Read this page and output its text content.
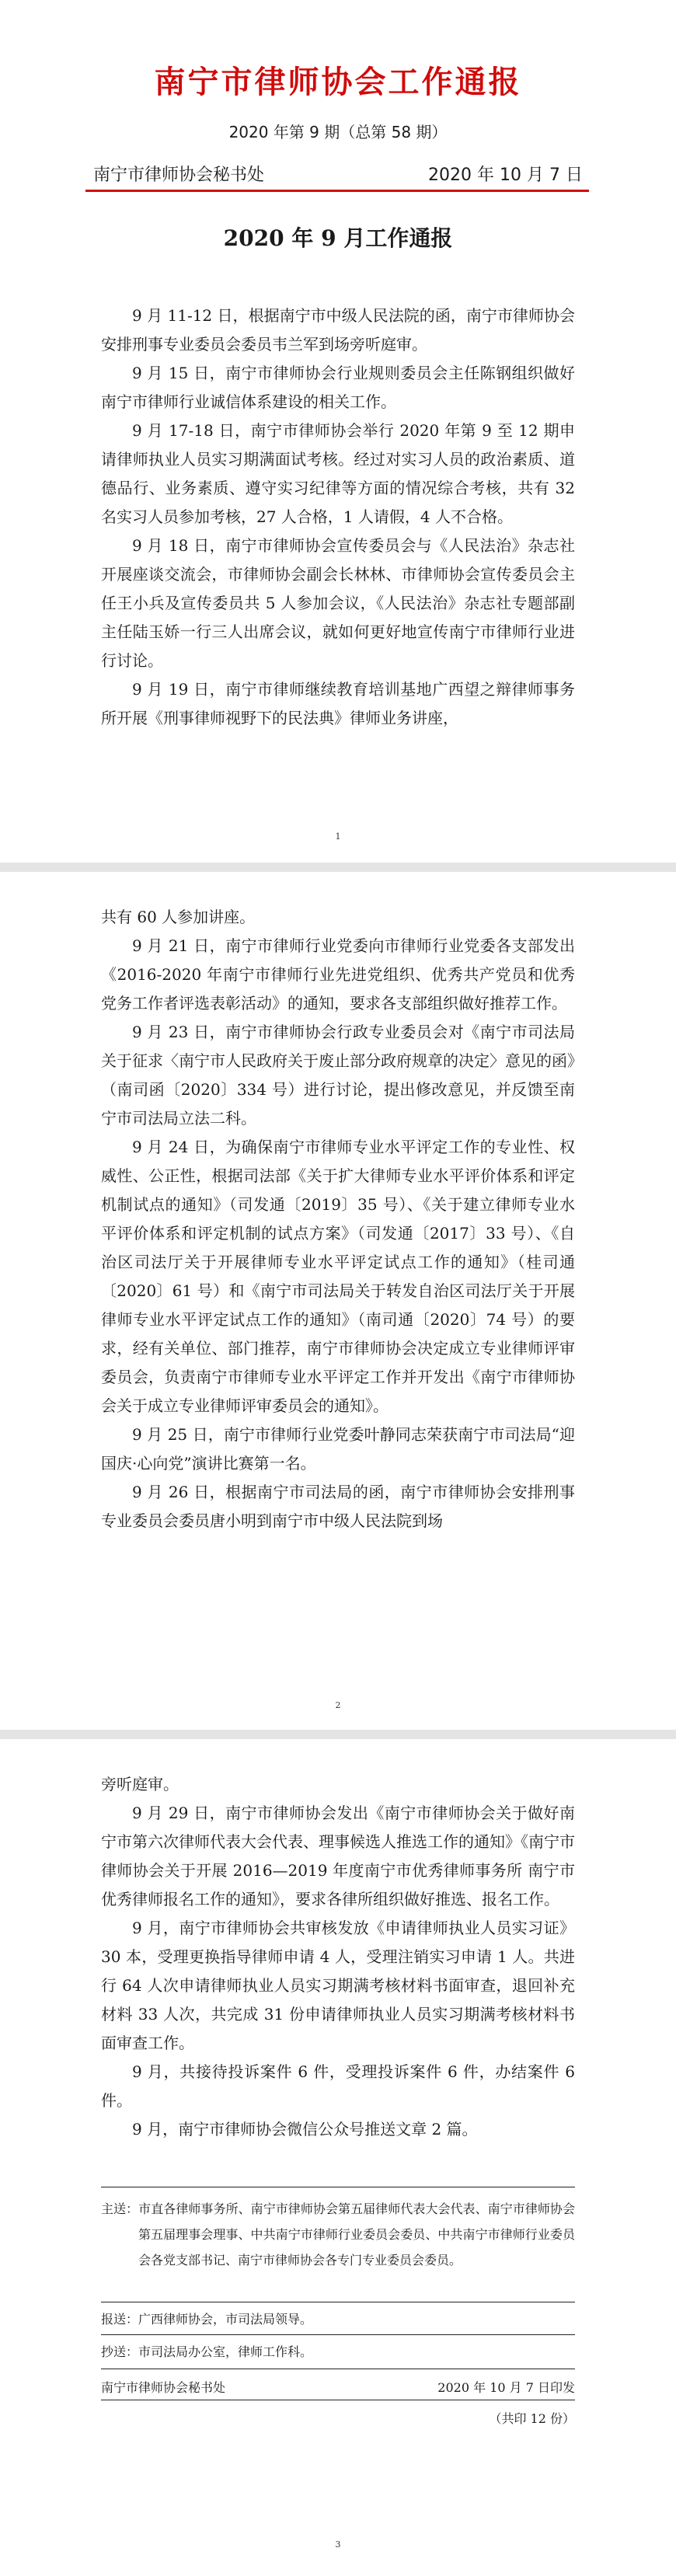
南宁市律师协会工作通报
2020 年第 9 期（总第 58 期）
南宁市律师协会秘书处	2020 年 10 月 7 日
2020 年 9 月工作通报

9 月 11-12 日，根据南宁市中级人民法院的函，南宁市律师协会安排刑事专业委员会委员韦兰军到场旁听庭审。

9 月 15 日，南宁市律师协会行业规则委员会主任陈钢组织做好南宁市律师行业诚信体系建设的相关工作。

9 月 17-18 日，南宁市律师协会举行 2020 年第 9 至 12 期申请律师执业人员实习期满面试考核。经过对实习人员的政治素质、道德品行、业务素质、遵守实习纪律等方面的情况综合考核，共有 32 名实习人员参加考核，27 人合格，1 人请假，4 人不合格。

9 月 18 日，南宁市律师协会宣传委员会与《人民法治》杂志社开展座谈交流会，市律师协会副会长林林、市律师协会宣传委员会主任王小兵及宣传委员共 5 人参加会议，《人民法治》杂志社专题部副主任陆玉娇一行三人出席会议，就如何更好地宣传南宁市律师行业进行讨论。

9 月 19 日，南宁市律师继续教育培训基地广西望之辩律师事务所开展《刑事律师视野下的民法典》律师业务讲座，

1

共有 60 人参加讲座。

9 月 21 日，南宁市律师行业党委向市律师行业党委各支部发出《2016-2020 年南宁市律师行业先进党组织、优秀共产党员和优秀党务工作者评选表彰活动》的通知，要求各支部组织做好推荐工作。

9 月 23 日，南宁市律师协会行政专业委员会对《南宁市司法局关于征求〈南宁市人民政府关于废止部分政府规章的决定〉意见的函》（南司函〔2020〕334 号）进行讨论，提出修改意见，并反馈至南宁市司法局立法二科。

9 月 24 日，为确保南宁市律师专业水平评定工作的专业性、权威性、公正性，根据司法部《关于扩大律师专业水平评价体系和评定机制试点的通知》（司发通〔2019〕35 号）、《关于建立律师专业水平评价体系和评定机制的试点方案》（司发通〔2017〕33 号）、《自治区司法厅关于开展律师专业水平评定试点工作的通知》（桂司通〔2020〕61 号）和《南宁市司法局关于转发自治区司法厅关于开展律师专业水平评定试点工作的通知》（南司通〔2020〕74 号）的要求，经有关单位、部门推荐，南宁市律师协会决定成立专业律师评审委员会，负责南宁市律师专业水平评定工作并开发出《南宁市律师协会关于成立专业律师评审委员会的通知》。

9 月 25 日，南宁市律师行业党委叶静同志荣获南宁市司法局“迎国庆·心向党”演讲比赛第一名。

9 月 26 日，根据南宁市司法局的函，南宁市律师协会安排刑事专业委员会委员唐小明到南宁市中级人民法院到场

2

旁听庭审。

9 月 29 日，南宁市律师协会发出《南宁市律师协会关于做好南宁市第六次律师代表大会代表、理事候选人推选工作的通知》《南宁市律师协会关于开展 2016—2019 年度南宁市优秀律师事务所 南宁市优秀律师报名工作的通知》，要求各律所组织做好推选、报名工作。

9 月，南宁市律师协会共审核发放《申请律师执业人员实习证》30 本，受理更换指导律师申请 4 人，受理注销实习申请 1 人。共进行 64 人次申请律师执业人员实习期满考核材料书面审查，退回补充材料 33 人次，共完成 31 份申请律师执业人员实习期满考核材料书面审查工作。

9 月，共接待投诉案件 6 件，受理投诉案件 6 件，办结案件 6 件。

9 月，南宁市律师协会微信公众号推送文章 2 篇。

主送：市直各律师事务所、南宁市律师协会第五届律师代表大会代表、南宁市律师协会第五届理事会理事、中共南宁市律师行业委员会委员、中共南宁市律师行业委员会各党支部书记、南宁市律师协会各专门专业委员会委员。

报送：广西律师协会，市司法局领导。

抄送：市司法局办公室，律师工作科。

南宁市律师协会秘书处	2020 年 10 月 7 日印发
（共印 12 份）
3
